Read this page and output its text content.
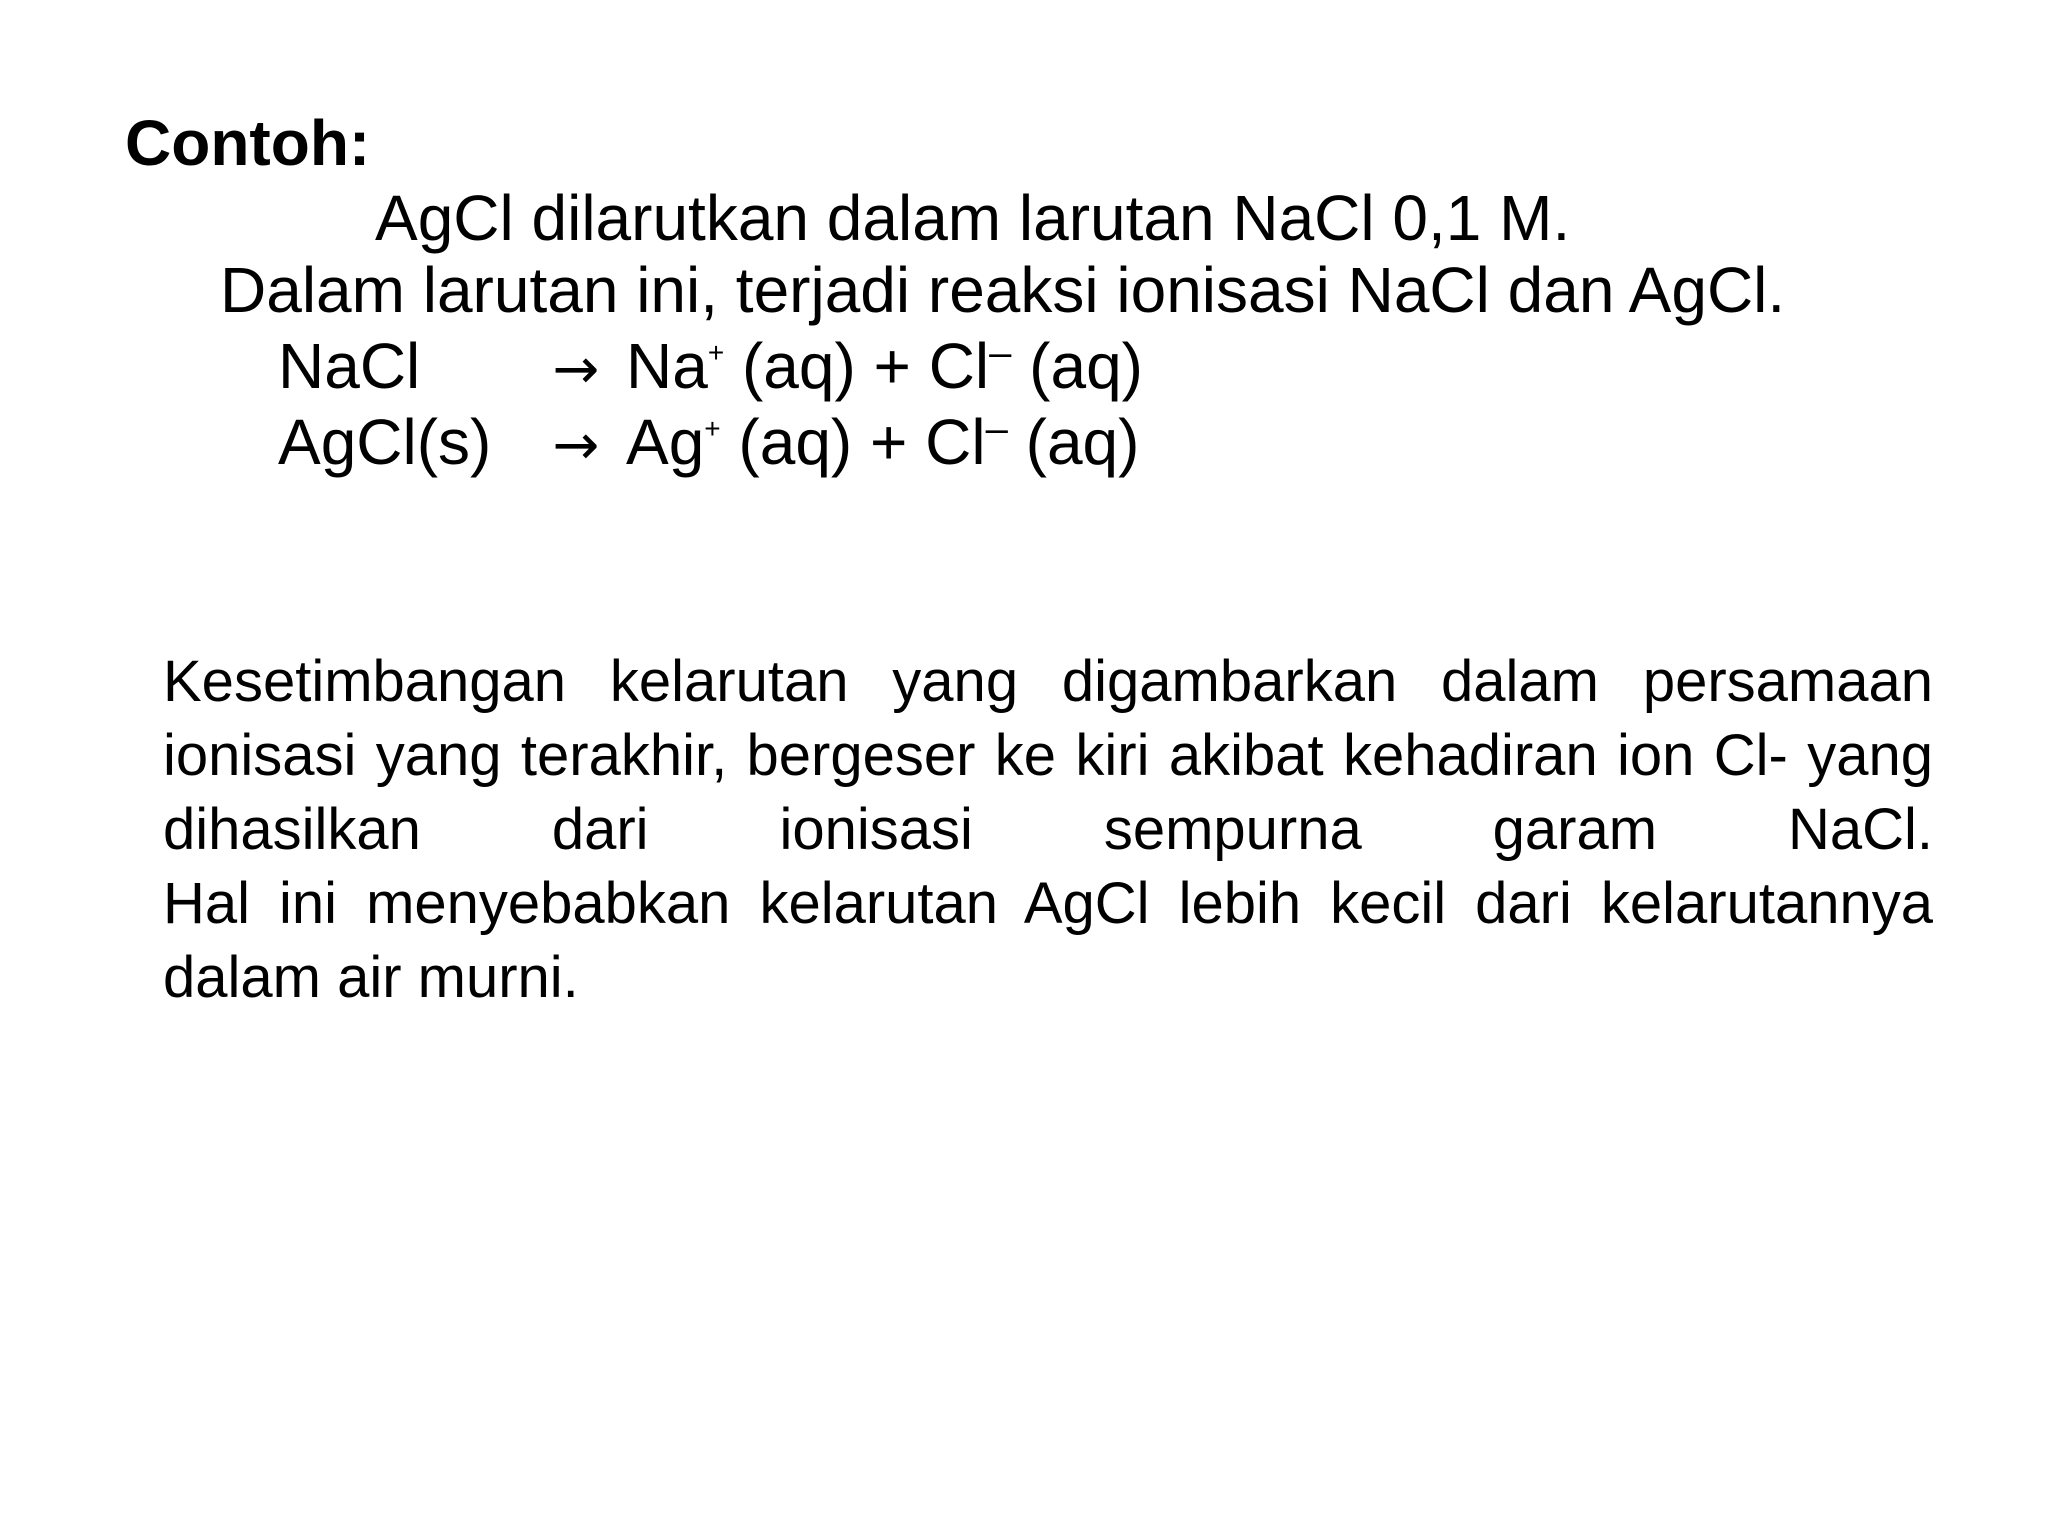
Contoh:
AgCl dilarutkan dalam larutan NaCl 0,1 M.
Dalam larutan ini, terjadi reaksi ionisasi NaCl dan AgCl.
NaCl → Na+ (aq) + Cl– (aq)
AgCl(s) → Ag+ (aq) + Cl– (aq)
Kesetimbangan kelarutan yang digambarkan dalam persamaan
ionisasi yang terakhir, bergeser ke kiri akibat kehadiran ion Cl- yang
dihasilkan dari ionisasi sempurna garam NaCl.
Hal ini menyebabkan kelarutan AgCl lebih kecil dari kelarutannya
dalam air murni.
